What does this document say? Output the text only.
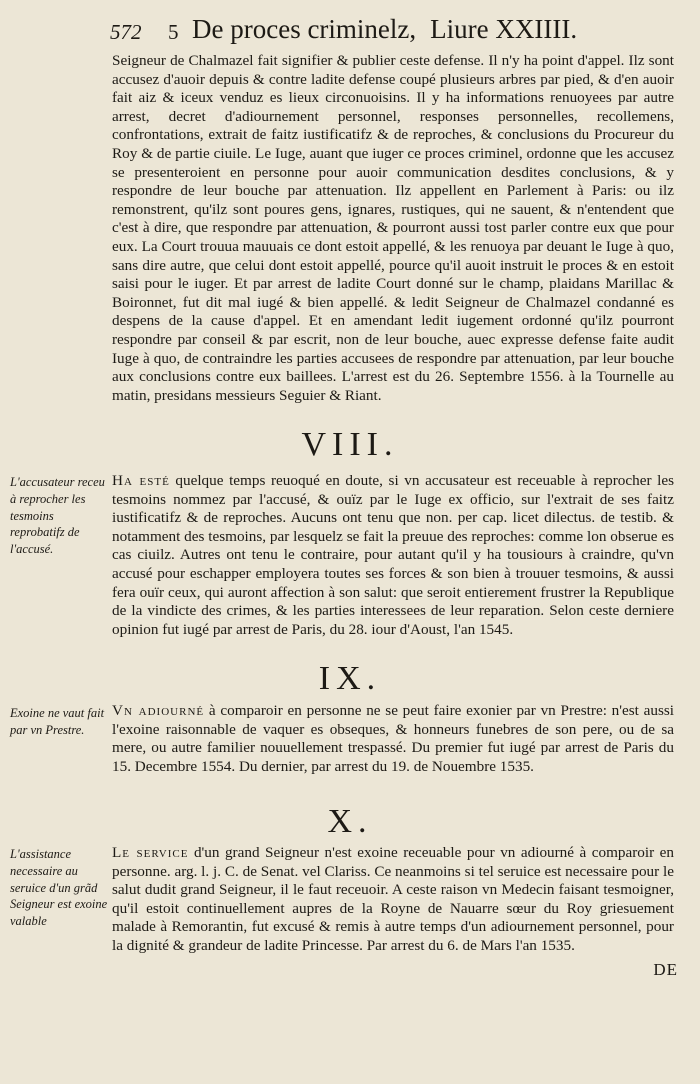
572 5 De proces criminelz, Liure XXIIII.

Seigneur de Chalmazel fait signifier & publier ceste defense. Il n'y ha point d'appel. Ilz sont accusez d'auoir depuis & contre ladite defense coupé plusieurs arbres par pied, & d'en auoir fait aiz & iceux venduz es lieux circonuoisins. Il y ha informations renuoyees par autre arrest, decret d'adiournement personnel, responses personnelles, recollemens, confrontations, extrait de faitz iustificatifz & de reproches, & conclusions du Procureur du Roy & de partie ciuile. Le Iuge, auant que iuger ce proces criminel, ordonne que les accusez se presenteroient en personne pour auoir communication desdites conclusions, & y respondre de leur bouche par attenuation. Ilz appellent en Parlement à Paris: ou ilz remonstrent, qu'ilz sont poures gens, ignares, rustiques, qui ne sauent, & n'entendent que c'est à dire, que respondre par attenuation, & pourront aussi tost parler contre eux que pour eux. La Court trouua mauuais ce dont estoit appellé, & les renuoya par deuant le Iuge à quo, sans dire autre, que celui dont estoit appellé, pource qu'il auoit instruit le proces & en estoit saisi pour le iuger. Et par arrest de ladite Court donné sur le champ, plaidans Marillac & Boironnet, fut dit mal iugé & bien appellé. & ledit Seigneur de Chalmazel condanné es despens de la cause d'appel. Et en amendant ledit iugement ordonné qu'ilz pourront respondre par conseil & par escrit, non de leur bouche, auec expresse defense faite audit Iuge à quo, de contraindre les parties accusees de respondre par attenuation, par leur bouche aux conclusions contre eux baillees. L'arrest est du 26. Septembre 1556. à la Tournelle au matin, presidans messieurs Seguier & Riant.

VIII.
L'accusateur receu à reprocher les tesmoins reprobatifz de l'accusé.

Ha esté quelque temps reuoqué en doute, si vn accusateur est receuable à reprocher les tesmoins nommez par l'accusé, & ouïz par le Iuge ex officio, sur l'extrait de ses faitz iustificatifz & de reproches. Aucuns ont tenu que non. per cap. licet dilectus. de testib. & notamment des tesmoins, par lesquelz se fait la preuue des reproches: comme lon obserue es cas ciuilz. Autres ont tenu le contraire, pour autant qu'il y ha tousiours à craindre, qu'vn accusé pour eschapper employera toutes ses forces & son bien à trouuer tesmoins, & aussi fera ouïr ceux, qui auront affection à son salut: que seroit entierement frustrer la Republique de la vindicte des crimes, & les parties interessees de leur reparation. Selon ceste derniere opinion fut iugé par arrest de Paris, du 28. iour d'Aoust, l'an 1545.

IX.
Exoine ne vaut fait par vn Prestre.

Vn adiourné à comparoir en personne ne se peut faire exonier par vn Prestre: n'est aussi l'exoine raisonnable de vaquer es obseques, & honneurs funebres de son pere, ou de sa mere, ou autre familier nouuellement trespassé. Du premier fut iugé par arrest de Paris du 15. Decembre 1554. Du dernier, par arrest du 19. de Nouembre 1535.

X.
L'assistance necessaire au seruice d'un grãd Seigneur est exoine valable

Le service d'un grand Seigneur n'est exoine receuable pour vn adiourné à comparoir en personne. arg. l. j. C. de Senat. vel Clariss. Ce neanmoins si tel seruice est necessaire pour le salut dudit grand Seigneur, il le faut receuoir. A ceste raison vn Medecin faisant tesmoigner, qu'il estoit continuellement aupres de la Royne de Nauarre sœur du Roy griesuement malade à Remorantin, fut excusé & remis à autre temps d'un adiournement personnel, pour la dignité & grandeur de ladite Princesse. Par arrest du 6. de Mars l'an 1535.

DE
